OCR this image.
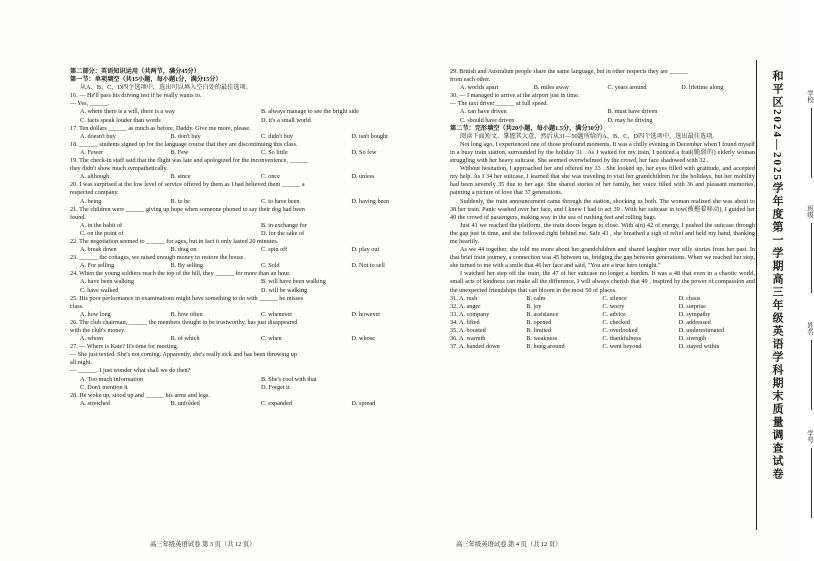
第二部分：英语知识运用（共两节，满分45分）
第一节：单项填空（共15小题，每小题1分，满分15分）
从A、B、C、D四个选项中，选出可以填入空白处的最佳选项。
16. — He'll pass his driving test if he really wants to.
— Yes, ______.
A. where there is a will, there is a way	B. always manage to see the bright side
C. facts speak louder than words	D. it's a small world
17. Ten dollars ______ as much as before, Daddy. Give me more, please.
A. doesn't buy	B. don't buy	C. didn't buy	D. isn't bought
18. ______ students signed up for the language course that they are discontinuing this class.
A. Fewer	B. Few	C. So little	D. So few
19. The check-in staff said that the flight was late and apologized for the inconvenience, ______
they didn't show much sympathetically.
A. although	B. since	C. once	D. unless
20. I was surprised at the low level of service offered by them as I had believed them ______ a
respected company.
A. being	B. to be	C. to have been	D. having been
21. The children were ______ giving up hope when someone phoned to say their dog had been
found.
A. in the habit of	B. in exchange for
C. on the point of	D. for the sake of
22. The negotiation seemed to ______ for ages, but in fact it only lasted 20 minutes.
A. break down	B. drag on	C. spin off	D. play out
23. ______ the cottages, we raised enough money to restore the house.
A. For selling	B. By selling	C. Sold	D. Not to sell
24. When the young soldiers reach the top of the hill, they ______ for more than an hour.
A. have been walking	B. will have been walking
C. have walked	D. will be walking
25. His poor performance in examinations might have something to do with ______ he misses
class.
A. how long	B. how often	C. whenever	D. however
26. The club chairman, ______ the members thought to be trustworthy, has just disappeared
with the club's money.
A. whom	B. of which	C. when	D. whose
27. — Where is Kate? It's time for meeting.
— She just texted. She's not coming. Apparently, she's really sick and has been throwing up
all night.
— ______. I just wonder what shall we do then?
A. Too much information	B. She's cool with that
C. Don't mention it	D. Forget it
28. He woke up, stood up and ______ his arms and legs.
A. stretched	B. unfolded	C. expanded	D. spread
高三年级英语试卷 第 3 页（共 12 页）
29. British and Australian people share the same language, but in other respects they are ______
from each other.
A. worlds apart	B. miles away	C. years around	D. lifetime along
30. — I managed to arrive at the airport just in time.
— The taxi driver ______ at full speed.
A. can have driven	B. must have driven
C. should have driven	D. may be driving
第二节：完形填空（共20小题，每小题1.5分，满分30分）
阅读下面短文，掌握其大意，然后从31—50题所给的A、B、C、D四个选项中，选出最佳选项。
Not long ago, I experienced one of those profound moments. It was a chilly evening in December when I found myself in a busy train station, surrounded by the holiday 31 . As I waited for my train, I noticed a frail(脆弱的) elderly woman struggling with her heavy suitcase. She seemed overwhelmed by the crowd, her face shadowed with 32 .
Without hesitation, I approached her and offered my 33 . She looked up, her eyes filled with gratitude, and accepted my help. As I 34 her suitcase, I learned that she was traveling to visit her grandchildren for the holidays, but her mobility had been severely 35 due to her age. She shared stories of her family, her voice filled with 36 and pleasant memories, painting a picture of love that 37 generations.
Suddenly, the train announcement came through the station, shocking us both. The woman realized she was about to 38 her train. Panic washed over her face, and I knew I had to act 39 . With her suitcase in tow(被拖着移动), I guided her 40 the crowd of passengers, making way in the sea of rushing feet and rolling bags.
Just 41 we reached the platform, the train doors began to close. With a(n) 42 of energy, I pushed the suitcase through the gap just in time, and she followed right behind me. Safe 43 , she breathed a sigh of relief and held my hand, thanking me heartily.
As we 44 together, she told me more about her grandchildren and shared laughter over silly stories from her past. In that brief train journey, a connection was 45 between us, bridging the gap between generations. When we reached her stop, she turned to me with a smile that 46 her face and said, "You are a true hero tonight."
I watched her step off the train, the 47 of her suitcase no longer a burden. It was a 48 that even in a chaotic world, small acts of kindness can make all the difference. I will always cherish that 49 , inspired by the power of compassion and the unexpected friendships that can bloom in the most 50 of places.
31. A. rush	B. calm	C. silence	D. chaos
32. A. anger	B. joy	C. worry	D. surprise
33. A. company	B. assistance	C. advice	D. sympathy
34. A. lifted	B. opened	C. checked	D. addressed
35. A. boosted	B. limited	C. overlooked	D. underestimated
36. A. warmth	B. weakness	C. thankfulness	D. strength
37. A. handed down	B. hung around	C. went beyond	D. stayed within
高三年级英语试卷 第 4 页（共 12 页）
和平区2024—2025学年度第一学期高三年级英语学科期末质量调查试卷	学校
班级
姓名
学号
